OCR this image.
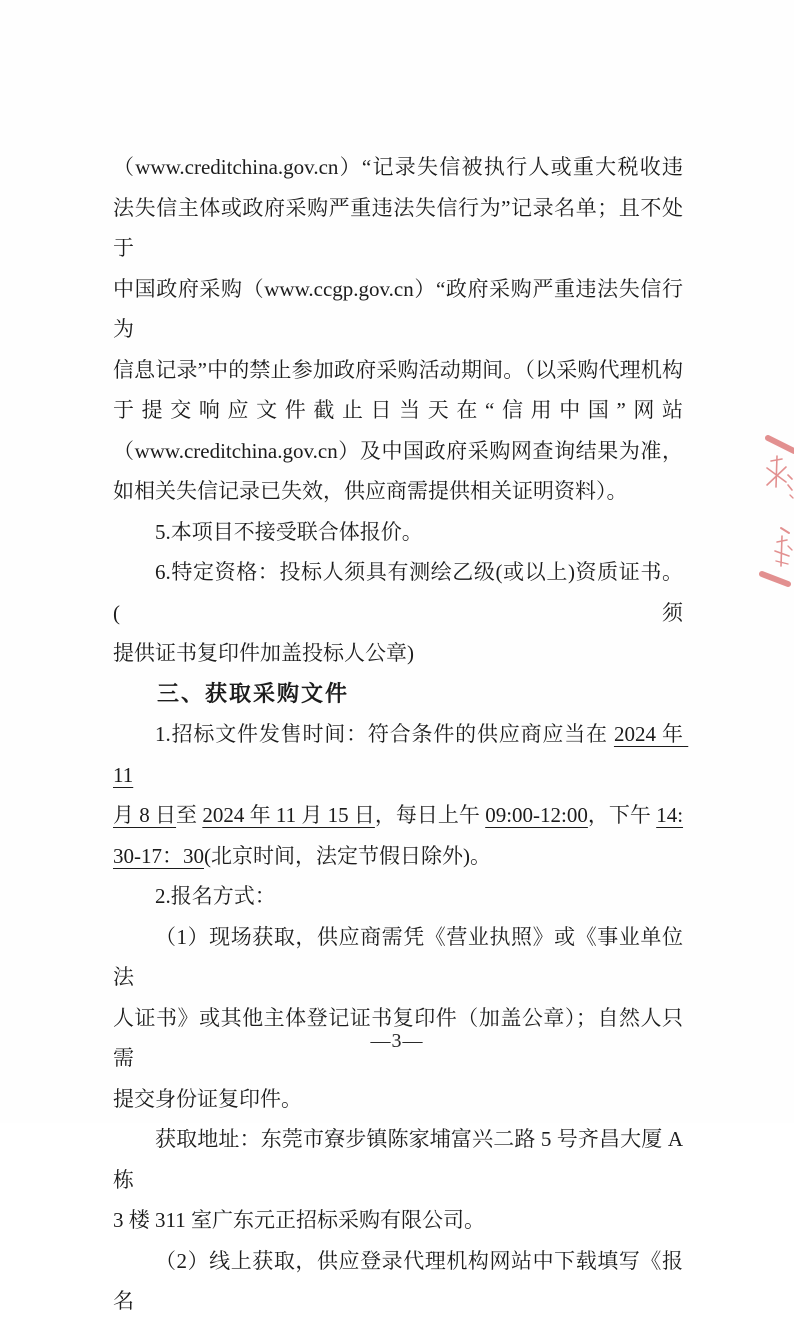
（www.creditchina.gov.cn）“记录失信被执行人或重大税收违
法失信主体或政府采购严重违法失信行为”记录名单；且不处于
中国政府采购（www.ccgp.gov.cn）“政府采购严重违法失信行为
信息记录”中的禁止参加政府采购活动期间。（以采购代理机构
于提交响应文件截止日当天在“信用中国”网站
（www.creditchina.gov.cn）及中国政府采购网查询结果为准，
如相关失信记录已失效，供应商需提供相关证明资料）。
5.本项目不接受联合体报价。
6.特定资格：投标人须具有测绘乙级(或以上)资质证书。(须
提供证书复印件加盖投标人公章)
三、获取采购文件
1.招标文件发售时间：符合条件的供应商应当在 2024 年 11
月 8 日至 2024 年 11 月 15 日，每日上午 09:00-12:00，下午 14:
30-17：30(北京时间，法定节假日除外)。
2.报名方式：
（1）现场获取，供应商需凭《营业执照》或《事业单位法
人证书》或其他主体登记证书复印件（加盖公章）；自然人只需
提交身份证复印件。
获取地址：东莞市寮步镇陈家埔富兴二路 5 号齐昌大厦 A 栋
3 楼 311 室广东元正招标采购有限公司。
（2）线上获取，供应登录代理机构网站中下载填写《报名
—3—
